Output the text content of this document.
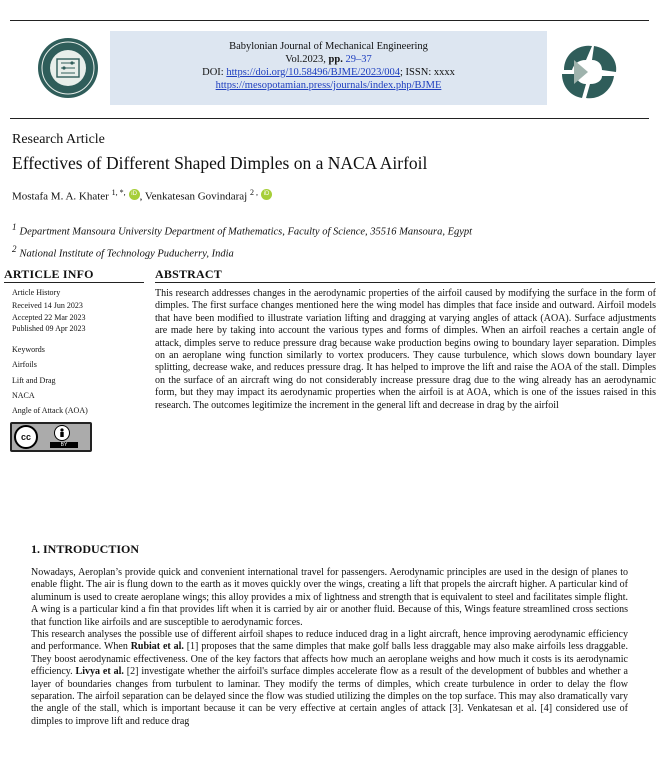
Babylonian Journal of Mechanical Engineering
Vol.2023, pp. 29–37
DOI: https://doi.org/10.58496/BJME/2023/004; ISSN: xxxx
https://mesopotamian.press/journals/index.php/BJME
Research Article
Effectives of Different Shaped Dimples on a NACA Airfoil
Mostafa M. A. Khater $^{1, *,}$ iD , Venkatesan Govindaraj $^{2 ,}$ iD
1 Department Mansoura University Department of Mathematics, Faculty of Science, 35516 Mansoura, Egypt
2 National Institute of Technology Puducherry, India
ARTICLE INFO
Article History
Received 14 Jun 2023
Accepted 22 Mar 2023
Published 09 Apr 2023
Keywords
Airfoils
Lift and Drag
NACA
Angle of Attack (AOA)
cc
BY
ABSTRACT
This research addresses changes in the aerodynamic properties of the airfoil caused by modifying the surface in the form of dimples. The first surface changes mentioned here the wing model has dimples that face inside and outward. Airfoil models that have been modified to illustrate variation lifting and dragging at varying angles of attack (AOA). Surface adjustments are made here by taking into account the various types and forms of dimples. When an airfoil reaches a certain angle of attack, dimples serve to reduce pressure drag because wake production begins owing to boundary layer separation. Dimples on an aeroplane wing function similarly to vortex producers. They cause turbulence, which slows down boundary layer splitting, decrease wake, and reduces pressure drag. It has helped to improve the lift and raise the AOA of the stall. Dimples on the surface of an aircraft wing do not considerably increase pressure drag due to the wing already has an aerodynamic form, but they may impact its aerodynamic properties when the airfoil is at AOA, which is one of the issues raised in this research. The outcomes legitimize the increment in the general lift and decrease in drag by the airfoil
1. INTRODUCTION

Nowadays, Aeroplan’s provide quick and convenient international travel for passengers. Aerodynamic principles are used in the design of planes to enable flight. The air is flung down to the earth as it moves quickly over the wings, creating a lift that propels the aircraft higher. A particular kind of aluminum is used to create aeroplane wings; this alloy provides a mix of lightness and strength that is equivalent to steel and facilitates simple flight. A wing is a particular kind a fin that provides lift when it is carried by air or another fluid. Because of this, Wings feature streamlined cross sections that function like airfoils and are susceptible to aerodynamic forces.

This research analyses the possible use of different airfoil shapes to reduce induced drag in a light aircraft, hence improving aerodynamic efficiency and performance. When Rubiat et al. [1] proposes that the same dimples that make golf balls less draggable may also make airfoils less draggable. They boost aerodynamic effectiveness. One of the key factors that affects how much an aeroplane weighs and how much it costs is its aerodynamic efficiency. Livya et al. [2] investigate whether the airfoil's surface dimples accelerate flow as a result of the development of bubbles and whether a layer of boundaries changes from turbulent to laminar. They modify the terms of dimples, which create turbulence in order to delay the flow separation. The airfoil separation can be delayed since the flow was studied utilizing the dimples on the top surface. This may also dramatically vary the angle of the stall, which is important because it can be very effective at certain angles of attack [3]. Venkatesan et al. [4] considered use of dimples to improve lift and reduce drag
